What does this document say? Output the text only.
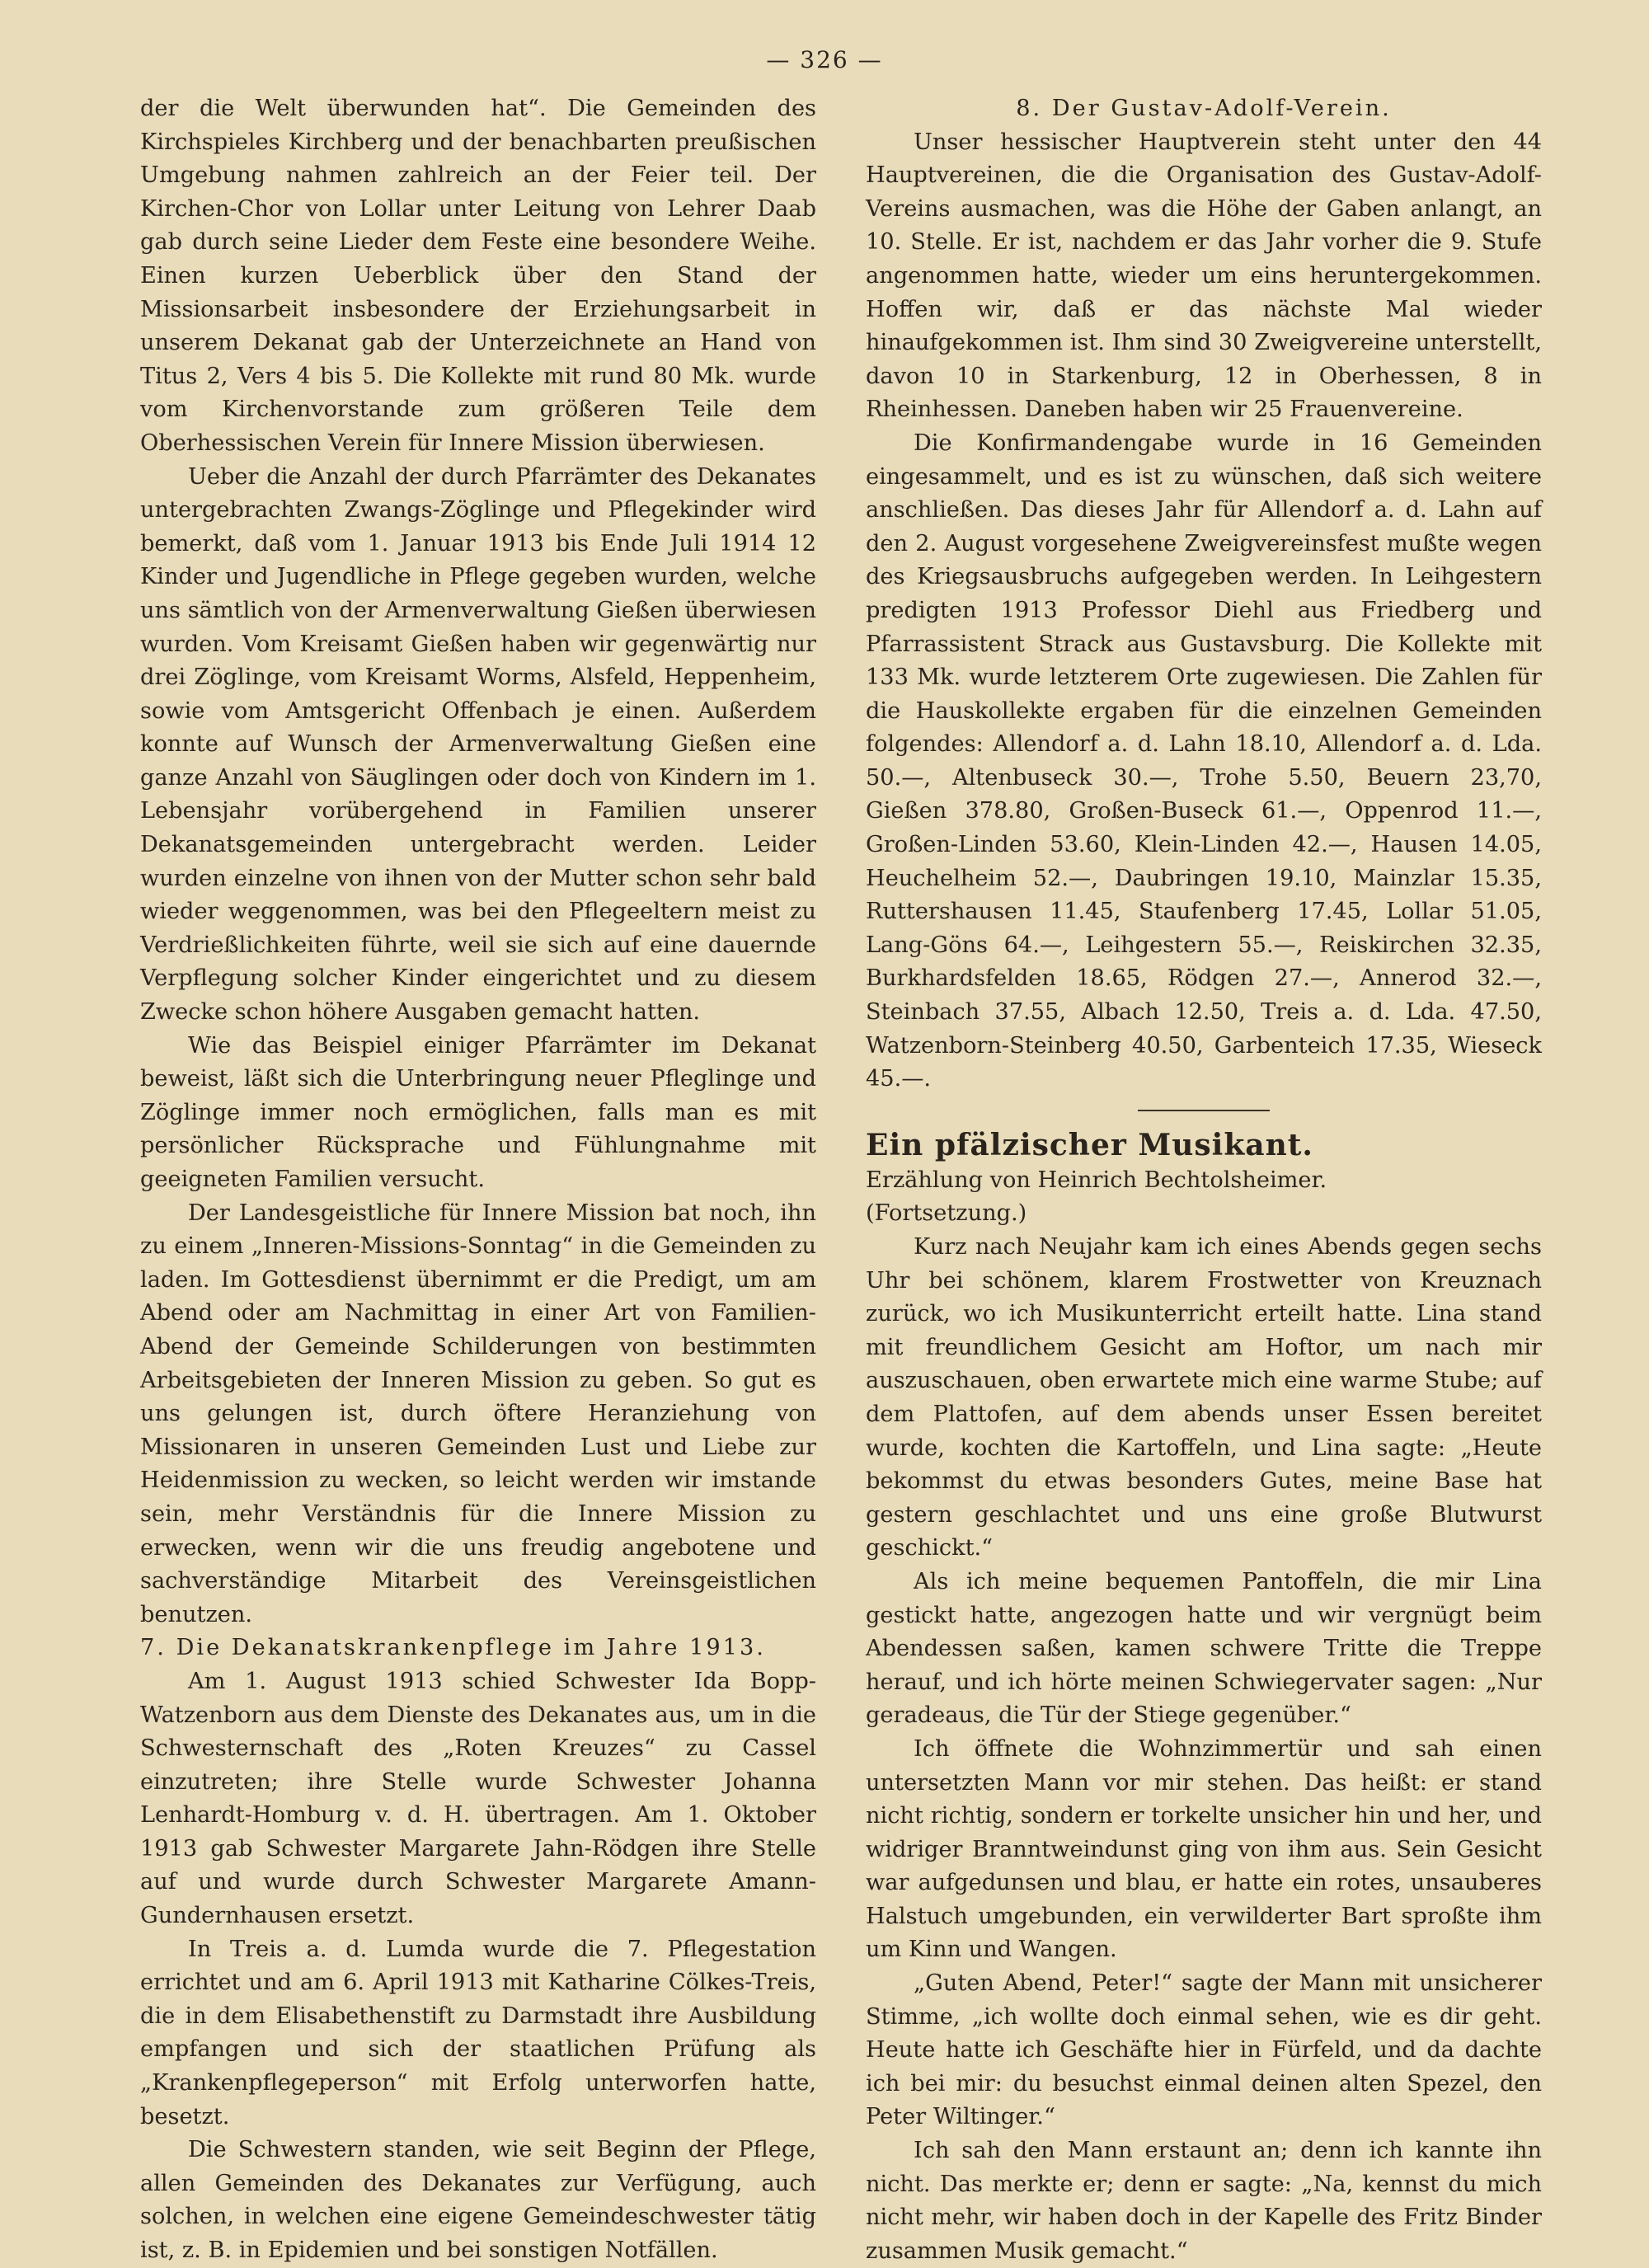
— 326 —

der die Welt überwunden hat“. Die Gemeinden des Kirchspieles Kirchberg und der benachbarten preußischen Umgebung nahmen zahlreich an der Feier teil. Der Kirchen-Chor von Lollar unter Leitung von Lehrer Daab gab durch seine Lieder dem Feste eine besondere Weihe. Einen kurzen Ueberblick über den Stand der Missionsarbeit insbesondere der Erziehungsarbeit in unserem Dekanat gab der Unterzeichnete an Hand von Titus 2, Vers 4 bis 5. Die Kollekte mit rund 80 Mk. wurde vom Kirchenvorstande zum größeren Teile dem Oberhessischen Verein für Innere Mission überwiesen.

Ueber die Anzahl der durch Pfarrämter des Dekanates untergebrachten Zwangs-Zöglinge und Pflegekinder wird bemerkt, daß vom 1. Januar 1913 bis Ende Juli 1914 12 Kinder und Jugendliche in Pflege gegeben wurden, welche uns sämtlich von der Armenverwaltung Gießen überwiesen wurden. Vom Kreisamt Gießen haben wir gegenwärtig nur drei Zöglinge, vom Kreisamt Worms, Alsfeld, Heppenheim, sowie vom Amtsgericht Offenbach je einen. Außerdem konnte auf Wunsch der Armenverwaltung Gießen eine ganze Anzahl von Säuglingen oder doch von Kindern im 1. Lebensjahr vorübergehend in Familien unserer Dekanatsgemeinden untergebracht werden. Leider wurden einzelne von ihnen von der Mutter schon sehr bald wieder weggenommen, was bei den Pflegeeltern meist zu Verdrießlichkeiten führte, weil sie sich auf eine dauernde Verpflegung solcher Kinder eingerichtet und zu diesem Zwecke schon höhere Ausgaben gemacht hatten.

Wie das Beispiel einiger Pfarrämter im Dekanat beweist, läßt sich die Unterbringung neuer Pfleglinge und Zöglinge immer noch ermöglichen, falls man es mit persönlicher Rücksprache und Fühlungnahme mit geeigneten Familien versucht.

Der Landesgeistliche für Innere Mission bat noch, ihn zu einem „Inneren-Missions-Sonntag“ in die Gemeinden zu laden. Im Gottesdienst übernimmt er die Predigt, um am Abend oder am Nachmittag in einer Art von Familien-Abend der Gemeinde Schilderungen von bestimmten Arbeitsgebieten der Inneren Mission zu geben. So gut es uns gelungen ist, durch öftere Heranziehung von Missionaren in unseren Gemeinden Lust und Liebe zur Heidenmission zu wecken, so leicht werden wir imstande sein, mehr Verständnis für die Innere Mission zu erwecken, wenn wir die uns freudig angebotene und sachverständige Mitarbeit des Vereinsgeistlichen benutzen.

7. Die Dekanatskrankenpflege im Jahre 1913.

Am 1. August 1913 schied Schwester Ida Bopp-Watzenborn aus dem Dienste des Dekanates aus, um in die Schwesternschaft des „Roten Kreuzes“ zu Cassel einzutreten; ihre Stelle wurde Schwester Johanna Lenhardt-Homburg v. d. H. übertragen. Am 1. Oktober 1913 gab Schwester Margarete Jahn-Rödgen ihre Stelle auf und wurde durch Schwester Margarete Amann-Gundernhausen ersetzt.

In Treis a. d. Lumda wurde die 7. Pflegestation errichtet und am 6. April 1913 mit Katharine Cölkes-Treis, die in dem Elisabethenstift zu Darmstadt ihre Ausbildung empfangen und sich der staatlichen Prüfung als „Krankenpflegeperson“ mit Erfolg unterworfen hatte, besetzt.

Die Schwestern standen, wie seit Beginn der Pflege, allen Gemeinden des Dekanates zur Verfügung, auch solchen, in welchen eine eigene Gemeindeschwester tätig ist, z. B. in Epidemien und bei sonstigen Notfällen.

8. Der Gustav-Adolf-Verein.

Unser hessischer Hauptverein steht unter den 44 Hauptvereinen, die die Organisation des Gustav-Adolf-Vereins ausmachen, was die Höhe der Gaben anlangt, an 10. Stelle. Er ist, nachdem er das Jahr vorher die 9. Stufe angenommen hatte, wieder um eins heruntergekommen. Hoffen wir, daß er das nächste Mal wieder hinaufgekommen ist. Ihm sind 30 Zweigvereine unterstellt, davon 10 in Starkenburg, 12 in Oberhessen, 8 in Rheinhessen. Daneben haben wir 25 Frauenvereine.

Die Konfirmandengabe wurde in 16 Gemeinden eingesammelt, und es ist zu wünschen, daß sich weitere anschließen. Das dieses Jahr für Allendorf a. d. Lahn auf den 2. August vorgesehene Zweigvereinsfest mußte wegen des Kriegsausbruchs aufgegeben werden. In Leihgestern predigten 1913 Professor Diehl aus Friedberg und Pfarrassistent Strack aus Gustavsburg. Die Kollekte mit 133 Mk. wurde letzterem Orte zugewiesen. Die Zahlen für die Hauskollekte ergaben für die einzelnen Gemeinden folgendes: Allendorf a. d. Lahn 18.10, Allendorf a. d. Lda. 50.—, Altenbuseck 30.—, Trohe 5.50, Beuern 23,70, Gießen 378.80, Großen-Buseck 61.—, Oppenrod 11.—, Großen-Linden 53.60, Klein-Linden 42.—, Hausen 14.05, Heuchelheim 52.—, Daubringen 19.10, Mainzlar 15.35, Ruttershausen 11.45, Staufenberg 17.45, Lollar 51.05, Lang-Göns 64.—, Leihgestern 55.—, Reiskirchen 32.35, Burkhardsfelden 18.65, Rödgen 27.—, Annerod 32.—, Steinbach 37.55, Albach 12.50, Treis a. d. Lda. 47.50, Watzenborn-Steinberg 40.50, Garbenteich 17.35, Wieseck 45.—.

Ein pfälzischer Musikant.

Erzählung von Heinrich Bechtolsheimer.

(Fortsetzung.)

Kurz nach Neujahr kam ich eines Abends gegen sechs Uhr bei schönem, klarem Frostwetter von Kreuznach zurück, wo ich Musikunterricht erteilt hatte. Lina stand mit freundlichem Gesicht am Hoftor, um nach mir auszuschauen, oben erwartete mich eine warme Stube; auf dem Plattofen, auf dem abends unser Essen bereitet wurde, kochten die Kartoffeln, und Lina sagte: „Heute bekommst du etwas besonders Gutes, meine Base hat gestern geschlachtet und uns eine große Blutwurst geschickt.“

Als ich meine bequemen Pantoffeln, die mir Lina gestickt hatte, angezogen hatte und wir vergnügt beim Abendessen saßen, kamen schwere Tritte die Treppe herauf, und ich hörte meinen Schwiegervater sagen: „Nur geradeaus, die Tür der Stiege gegenüber.“

Ich öffnete die Wohnzimmertür und sah einen untersetzten Mann vor mir stehen. Das heißt: er stand nicht richtig, sondern er torkelte unsicher hin und her, und widriger Branntweindunst ging von ihm aus. Sein Gesicht war aufgedunsen und blau, er hatte ein rotes, unsauberes Halstuch umgebunden, ein verwilderter Bart sproßte ihm um Kinn und Wangen.

„Guten Abend, Peter!“ sagte der Mann mit unsicherer Stimme, „ich wollte doch einmal sehen, wie es dir geht. Heute hatte ich Geschäfte hier in Fürfeld, und da dachte ich bei mir: du besuchst einmal deinen alten Spezel, den Peter Wiltinger.“

Ich sah den Mann erstaunt an; denn ich kannte ihn nicht. Das merkte er; denn er sagte: „Na, kennst du mich nicht mehr, wir haben doch in der Kapelle des Fritz Binder zusammen Musik gemacht.“
